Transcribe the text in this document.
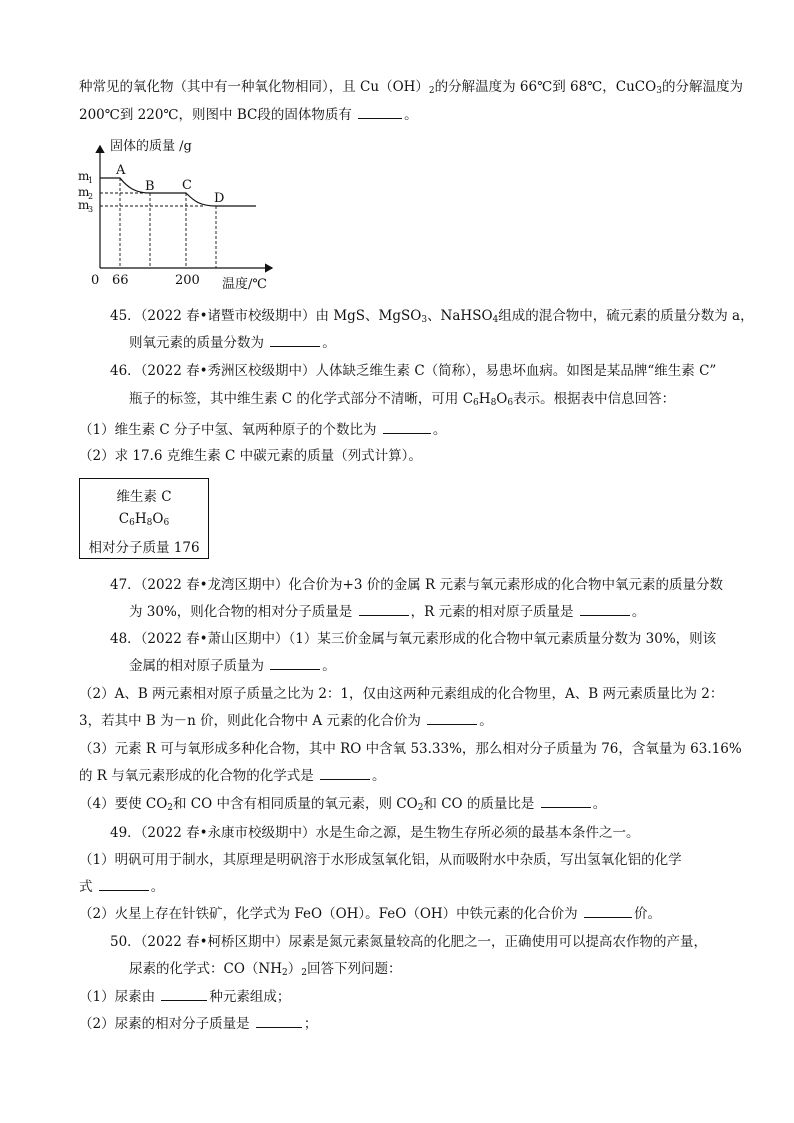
种常见的氧化物（其中有一种氧化物相同），且 $Cu(OH)_2$的分解温度为 66℃到 68℃，CuCO$_3$的分解温度为
200℃到 220℃，则图中 BC段的固体物质有	。
固体的质量 /g
温度/℃
m
1
m
2
m
3
0 66	200
A
B C
D
45．（2022 春•诸暨市校级期中）由 MgS、MgSO$_3$、NaHSO$_4$组成的混合物中，硫元素的质量分数为 a，
则氧元素的质量分数为	。
46．（2022 春•秀洲区校级期中）人体缺乏维生素 C（简称），易患坏血病。如图是某品牌“维生素 C”
瓶子的标签，其中维生素 C 的化学式部分不清晰，可用 $C_6H_8O_6$表示。根据表中信息回答：
（1）维生素 C 分子中氢、氧两种原子的个数比为	。
（2）求 17.6 克维生素 C 中碳元素的质量（列式计算）。
维生素 C
$C_6H_8O_6$
相对分子质量 176
47．（2022 春•龙湾区期中）化合价为+3 价的金属 R 元素与氧元素形成的化合物中氧元素的质量分数
为 30%，则化合物的相对分子质量是	，R 元素的相对原子质量是	。
48．（2022 春•萧山区期中）（1）某三价金属与氧元素形成的化合物中氧元素质量分数为 30%，则该
金属的相对原子质量为	。
（2）A、B 两元素相对原子质量之比为 2：1，仅由这两种元素组成的化合物里，A、B 两元素质量比为 2：
3，若其中 B 为－n 价，则此化合物中 A 元素的化合价为	。
（3）元素 R 可与氧形成多种化合物，其中 RO 中含氧 53.33%，那么相对分子质量为 76，含氧量为 63.16%
的 R 与氧元素形成的化合物的化学式是	。
（4）要使 $CO_2$和 CO 中含有相同质量的氧元素，则 $CO_2$和 CO 的质量比是	。
49．（2022 春•永康市校级期中）水是生命之源，是生物生存所必须的最基本条件之一。
（1）明矾可用于制水，其原理是明矾溶于水形成氢氧化铝，从而吸附水中杂质，写出氢氧化铝的化学
式	。
（2）火星上存在针铁矿，化学式为 FeO（OH）。FeO（OH）中铁元素的化合价为	价。
50．（2022 春•柯桥区期中）尿素是氮元素氮量较高的化肥之一，正确使用可以提高农作物的产量，
尿素的化学式：$CO(NH_2)_2$回答下列问题：
（1）尿素由	种元素组成；
（2）尿素的相对分子质量是	；
